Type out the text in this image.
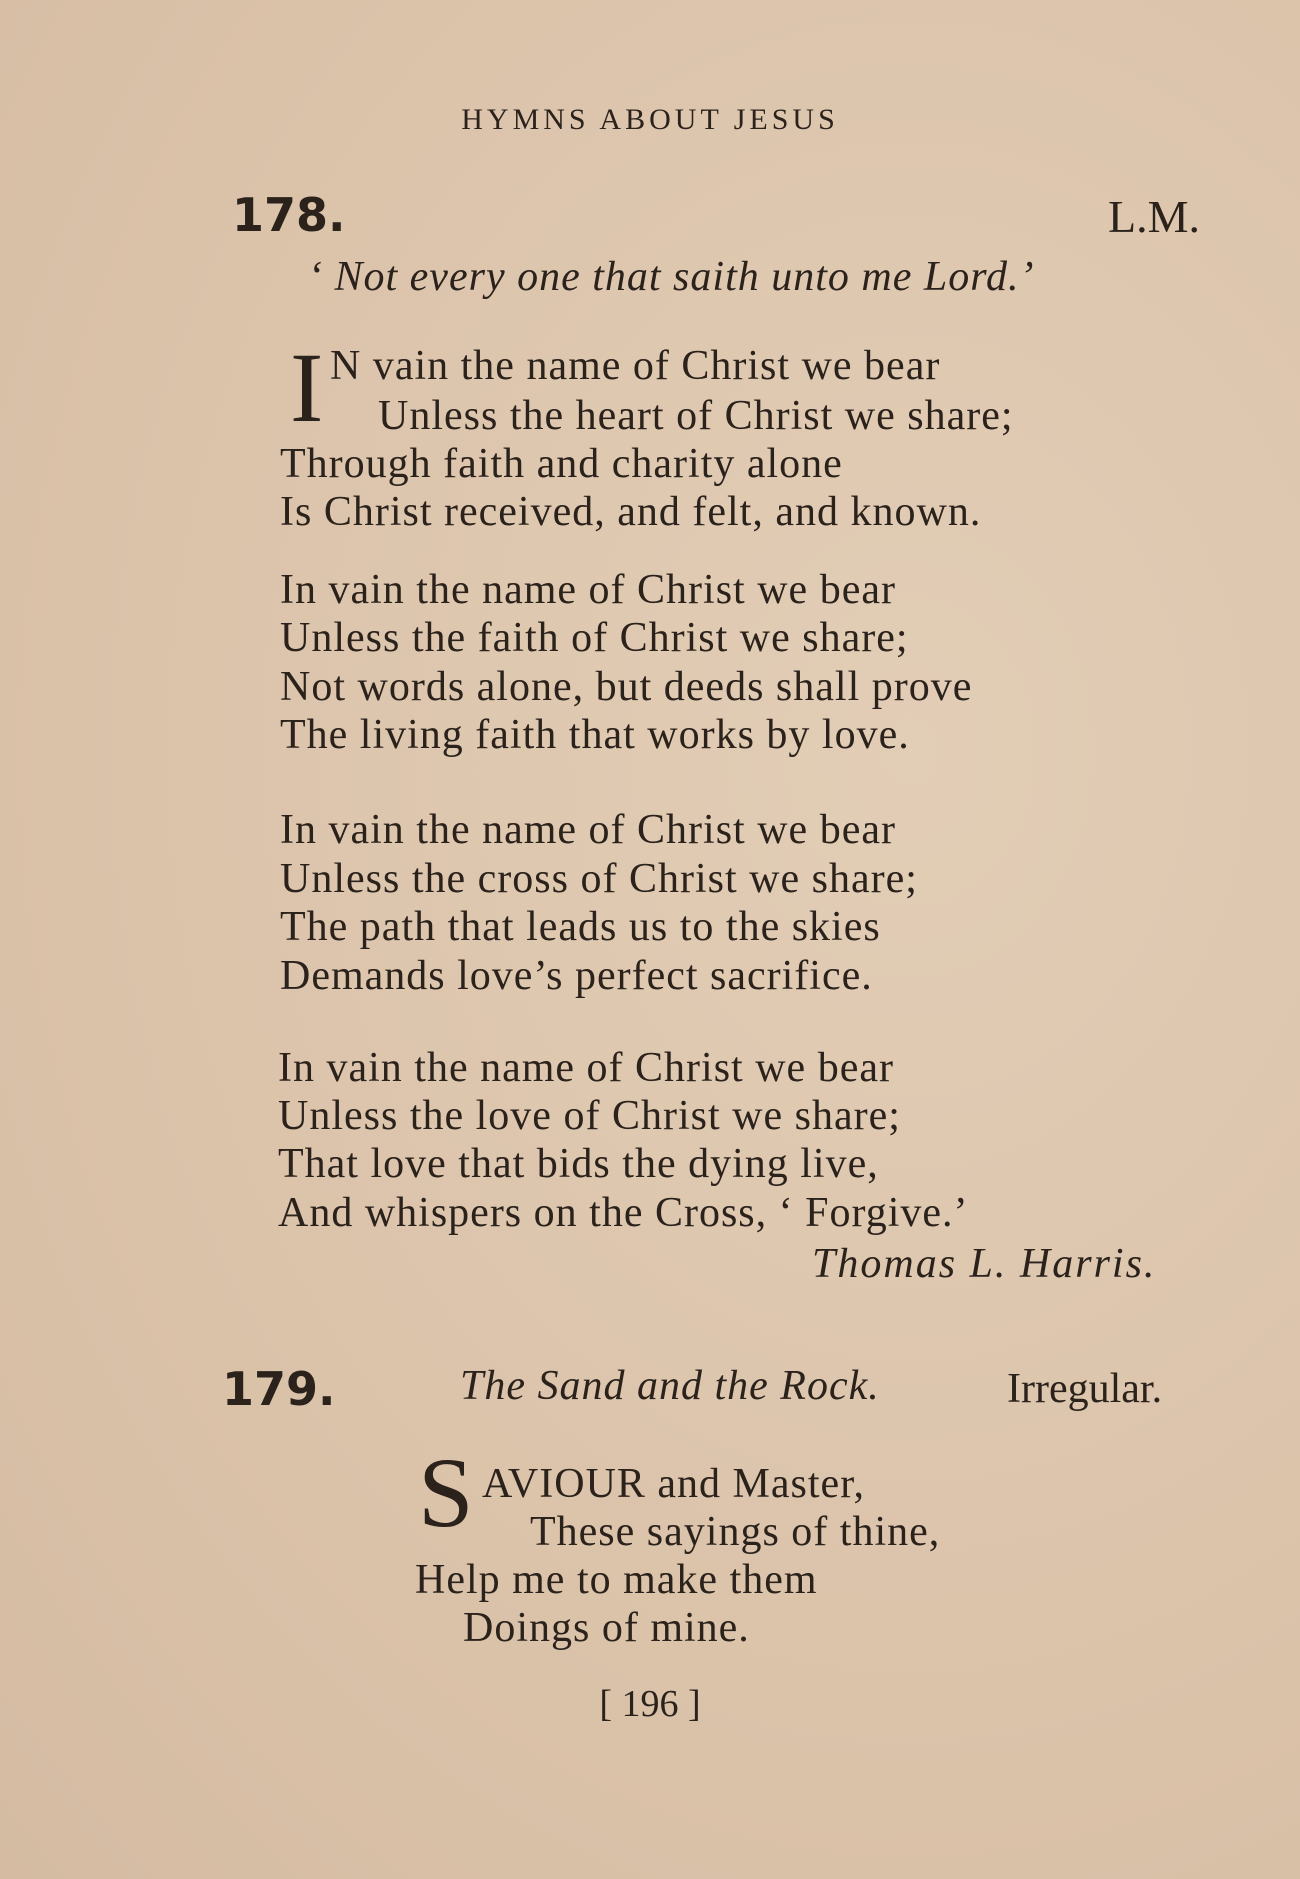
HYMNS ABOUT JESUS
178.	L.M.
‘ Not every one that saith unto me Lord.’
I N vain the name of Christ we bear
Unless the heart of Christ we share;
Through faith and charity alone
Is Christ received, and felt, and known.
In vain the name of Christ we bear
Unless the faith of Christ we share;
Not words alone, but deeds shall prove
The living faith that works by love.
In vain the name of Christ we bear
Unless the cross of Christ we share;
The path that leads us to the skies
Demands love’s perfect sacrifice.
In vain the name of Christ we bear
Unless the love of Christ we share;
That love that bids the dying live,
And whispers on the Cross, ‘ Forgive.’
Thomas L. Harris.
179.	The Sand and the Rock.	Irregular.
S AVIOUR and Master,
These sayings of thine,
Help me to make them
Doings of mine.
[ 196 ]
